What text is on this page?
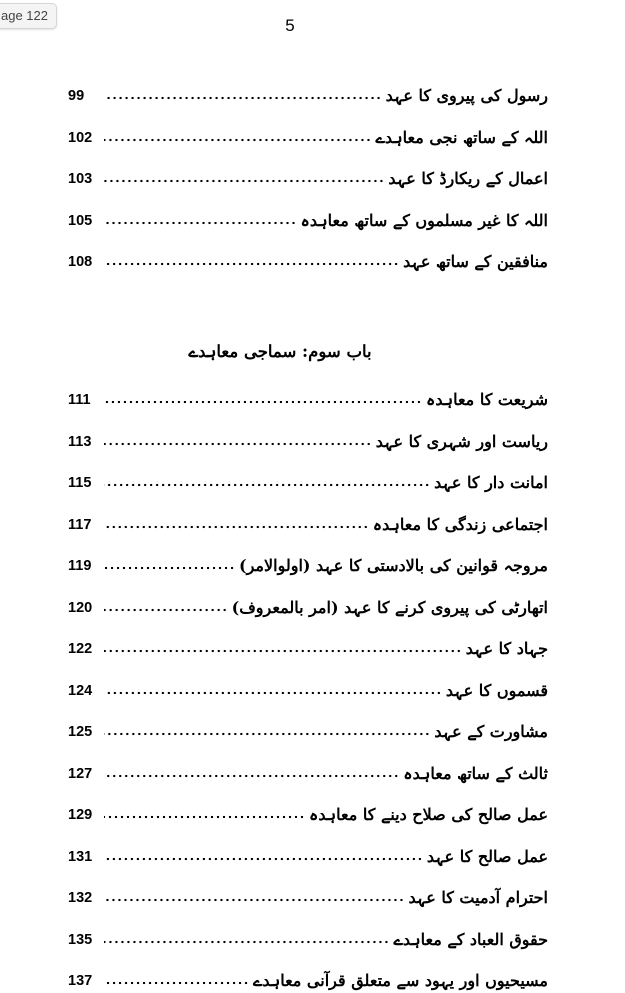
age 122
5
رسول کی پیروی کا عہد
99
اللہ کے ساتھ نجی معاہدے
102
اعمال کے ریکارڈ کا عہد
103
اللہ کا غیر مسلموں کے ساتھ معاہدہ
105
منافقین کے ساتھ عہد
108
شریعت کا معاہدہ
111
ریاست اور شہری کا عہد
113
امانت دار کا عہد
115
اجتماعی زندگی کا معاہدہ
117
مروجہ قوانین کی بالادستی کا عہد (اولوالامر)
119
اتھارٹی کی پیروی کرنے کا عہد (امر بالمعروف)
120
جہاد کا عہد
122
قسموں کا عہد
124
مشاورت کے عہد
125
ثالث کے ساتھ معاہدہ
127
عمل صالح کی صلاح دینے کا معاہدہ
129
عمل صالح کا عہد
131
احترام آدمیت کا عہد
132
حقوق العباد کے معاہدے
135
مسیحیوں اور یہود سے متعلق قرآنی معاہدے
137
باب سوم: سماجی معاہدے
